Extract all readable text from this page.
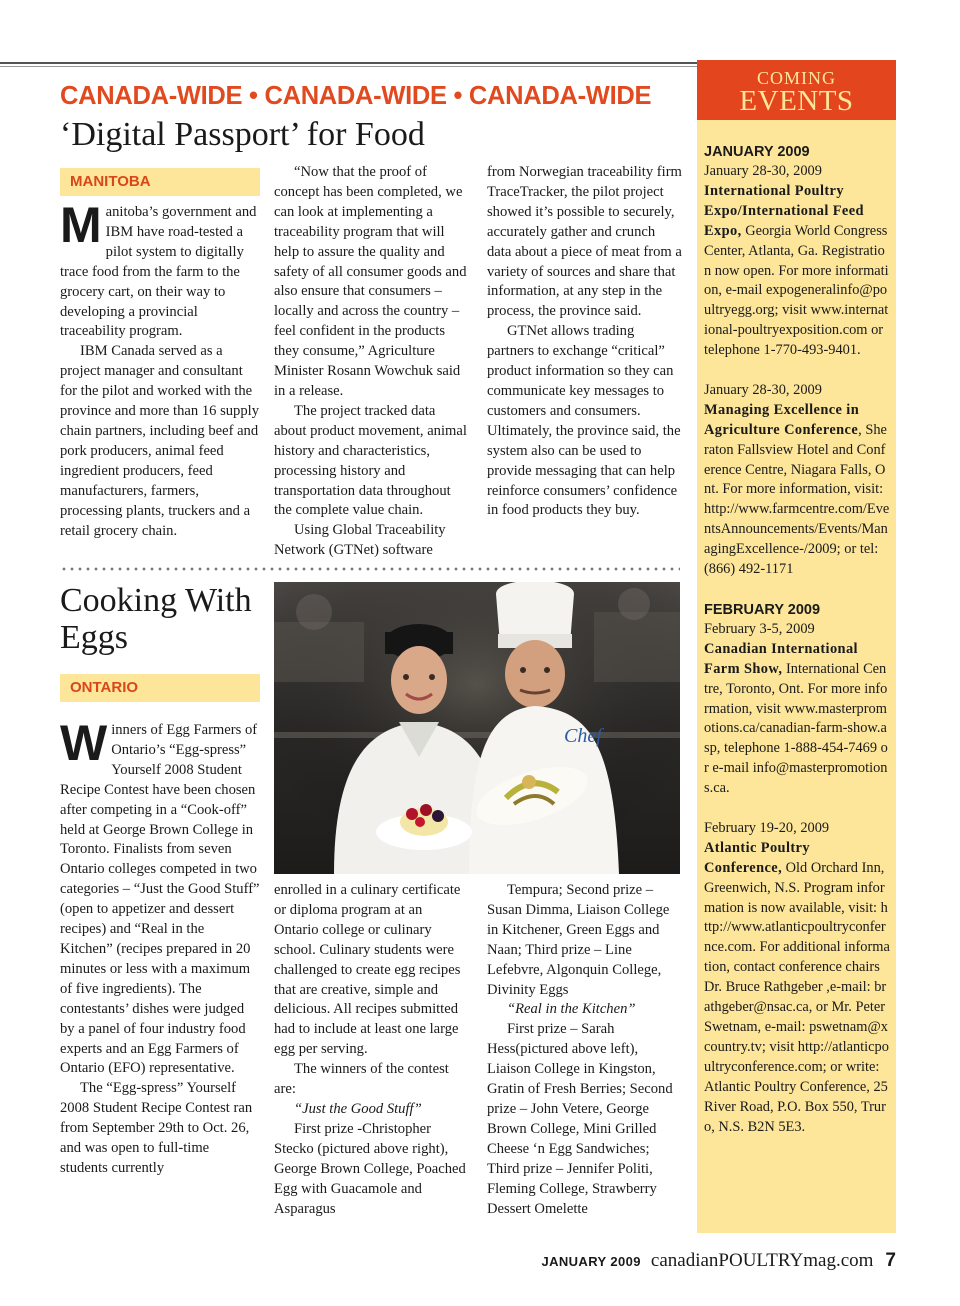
CANADA-WIDE • CANADA-WIDE • CANADA-WIDE
‘Digital Passport’ for Food
MANITOBA

Manitoba’s government and IBM have road-tested a pilot system to digitally trace food from the farm to the grocery cart, on their way to developing a provincial traceability program.

IBM Canada served as a project manager and consultant for the pilot and worked with the province and more than 16 supply chain partners, including beef and pork producers, animal feed ingredient producers, feed manufacturers, farmers, processing plants, truckers and a retail grocery chain.

“Now that the proof of concept has been completed, we can look at implementing a traceability program that will help to assure the quality and safety of all consumer goods and also ensure that consumers – locally and across the country – feel confident in the products they consume,” Agriculture Minister Rosann Wowchuk said in a release.

The project tracked data about product movement, animal history and characteristics, processing history and transportation data throughout the complete value chain.

Using Global Traceability Network (GTNet) software

from Norwegian traceability firm TraceTracker, the pilot project showed it’s possible to securely, accurately gather and crunch data about a piece of meat from a variety of sources and share that information, at any step in the process, the province said.

GTNet allows trading partners to exchange “critical” product information so they can communicate key messages to customers and consumers. Ultimately, the province said, the system also can be used to provide messaging that can help reinforce consumers’ confidence in food products they buy.

Cooking With Eggs
ONTARIO
Chef

Winners of Egg Farmers of Ontario’s “Egg-spress” Yourself 2008 Student Recipe Contest have been chosen after competing in a “Cook-off” held at George Brown College in Toronto. Finalists from seven Ontario colleges competed in two categories – “Just the Good Stuff” (open to appetizer and dessert recipes) and “Real in the Kitchen” (recipes prepared in 20 minutes or less with a maximum of five ingredients). The contestants’ dishes were judged by a panel of four industry food experts and an Egg Farmers of Ontario (EFO) representative.

The “Egg-spress” Yourself 2008 Student Recipe Contest ran from September 29th to Oct. 26, and was open to full-time students currently

enrolled in a culinary certificate or diploma program at an Ontario college or culinary school. Culinary students were challenged to create egg recipes that are creative, simple and delicious. All recipes submitted had to include at least one large egg per serving.

The winners of the contest are:

“Just the Good Stuff”

First prize -Christopher Stecko (pictured above right), George Brown College, Poached Egg with Guacamole and Asparagus

Tempura; Second prize – Susan Dimma, Liaison College in Kitchener, Green Eggs and Naan; Third prize – Line Lefebvre, Algonquin College, Divinity Eggs

“Real in the Kitchen”

First prize – Sarah Hess(pictured above left), Liaison College in Kingston, Gratin of Fresh Berries; Second prize – John Vetere, George Brown College, Mini Grilled Cheese ‘n Egg Sandwiches; Third prize – Jennifer Politi, Fleming College, Strawberry Dessert Omelette

COMING
EVENTS
JANUARY 2009
January 28-30, 2009
International Poultry Expo/International Feed Expo, Georgia World Congress Center, Atlanta, Ga. Registration now open. For more information, e-mail expogeneralinfo@poultryegg.org; visit www.international-poultryexposition.com or telephone 1-770-493-9401.
January 28-30, 2009
Managing Excellence in Agriculture Conference, Sheraton Fallsview Hotel and Conference Centre, Niagara Falls, Ont. For more information, visit: http://www.farmcentre.com/EventsAnnouncements/Events/ManagingExcellence-/2009; or tel: (866) 492-1171
FEBRUARY 2009
February 3-5, 2009
Canadian International Farm Show, International Centre, Toronto, Ont. For more information, visit www.masterpromotions.ca/canadian-farm-show.asp, telephone 1-888-454-7469 or e-mail info@masterpromotions.ca.
February 19-20, 2009
Atlantic Poultry Conference, Old Orchard Inn, Greenwich, N.S. Program information is now available, visit: http://www.atlanticpoultryconfernce.com. For additional information, contact conference chairs Dr. Bruce Rathgeber ,e-mail: brathgeber@nsac.ca, or Mr. Peter Swetnam, e-mail: pswetnam@xcountry.tv; visit http://atlanticpoultryconference.com; or write: Atlantic Poultry Conference, 25 River Road, P.O. Box 550, Truro, N.S. B2N 5E3.
JANUARY 2009 canadianPOULTRYmag.com 7
